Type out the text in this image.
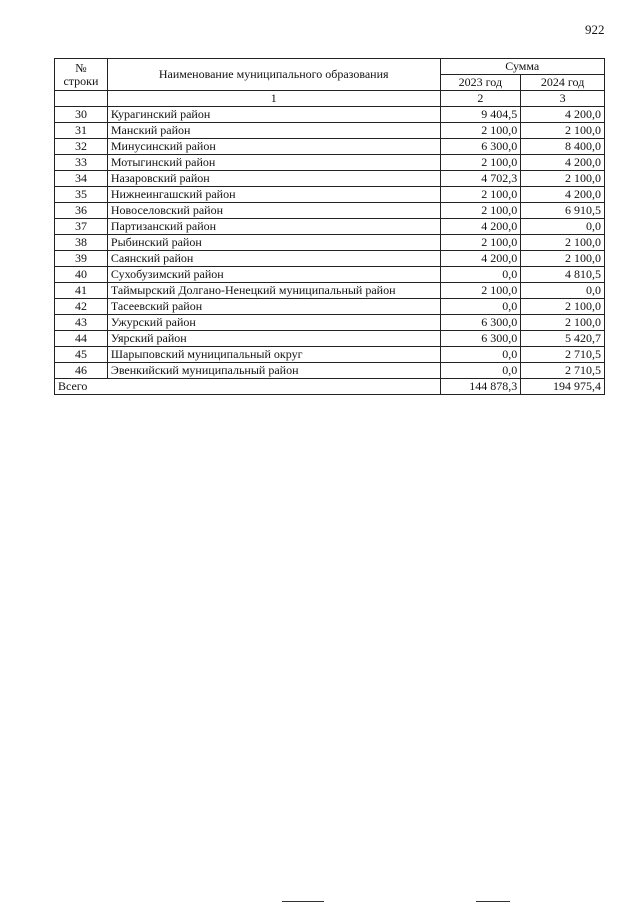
922
№ строки	Наименование муниципального образования	Сумма	
		2023 год	2024 год
	1	2	3
30	Курагинский район	9 404,5	4 200,0
31	Манский район	2 100,0	2 100,0
32	Минусинский район	6 300,0	8 400,0
33	Мотыгинский район	2 100,0	4 200,0
34	Назаровский район	4 702,3	2 100,0
35	Нижнеингашский район	2 100,0	4 200,0
36	Новоселовский район	2 100,0	6 910,5
37	Партизанский район	4 200,0	0,0
38	Рыбинский район	2 100,0	2 100,0
39	Саянский район	4 200,0	2 100,0
40	Сухобузимский район	0,0	4 810,5
41	Таймырский Долгано-Ненецкий муниципальный район	2 100,0	0,0
42	Тасеевский район	0,0	2 100,0
43	Ужурский район	6 300,0	2 100,0
44	Уярский район	6 300,0	5 420,7
45	Шарыповский муниципальный округ	0,0	2 710,5
46	Эвенкийский муниципальный район	0,0	2 710,5
Всего		144 878,3	194 975,4
